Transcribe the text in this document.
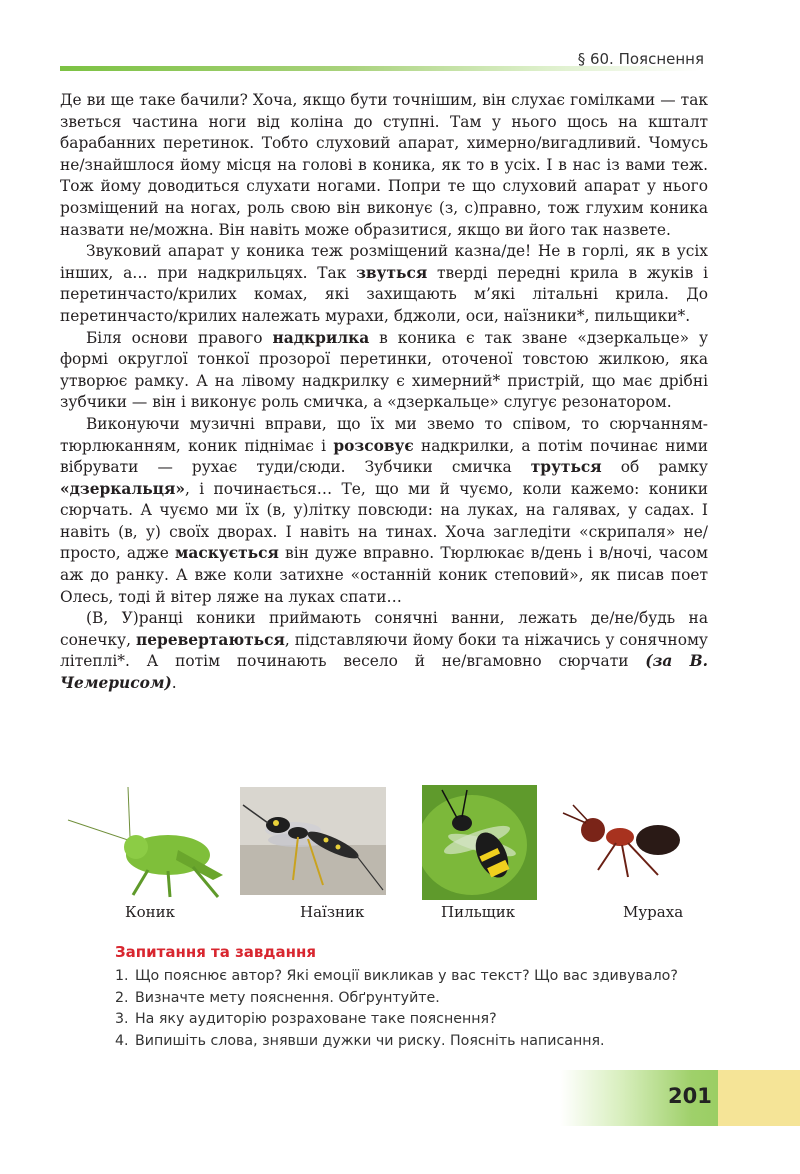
§ 60. Пояснення

Де ви ще таке бачили? Хоча, якщо бути точнішим, він слухає гомілками — так зветься частина ноги від коліна до ступні. Там у нього щось на кшталт барабанних перетинок. Тобто слуховий апарат, химерно/вигадливий. Чомусь не/знайшлося йому місця на голові в коника, як то в усіх. І в нас із вами теж. Тож йому доводиться слухати ногами. Попри те що слуховий апарат у нього розміщений на ногах, роль свою він виконує (з, с)правно, тож глухим коника назвати не/можна. Він навіть може образитися, якщо ви його так назвете.

Звуковий апарат у коника теж розміщений казна/де! Не в горлі, як в усіх інших, а… при надкрильцях. Так звуться тверді передні крила в жуків і перетинчасто/крилих комах, які захищають м’які літальні крила. До перетинчасто/крилих належать мурахи, бджоли, оси, наїзники*, пильщики*.

Біля основи правого надкрилка в коника є так зване «дзеркальце» у формі округлої тонкої прозорої перетинки, оточеної товстою жилкою, яка утворює рамку. А на лівому надкрилку є химерний* пристрій, що має дрібні зубчики — він і виконує роль смичка, а «дзеркальце» слугує резонатором.

Виконуючи музичні вправи, що їх ми звемо то співом, то сюрчанням-тюрлюканням, коник піднімає і розсовує надкрилки, а потім починає ними вібрувати — рухає туди/сюди. Зубчики смичка труться об рамку «дзеркальця», і починається… Те, що ми й чуємо, коли кажемо: коники сюрчать. А чуємо ми їх (в, у)літку повсюди: на луках, на галявах, у садах. І навіть (в, у) своїх дворах. І навіть на тинах. Хоча загледіти «скрипаля» не/просто, адже маскується він дуже вправно. Тюрлюкає в/день і в/ночі, часом аж до ранку. А вже коли затихне «останній коник степовий», як писав поет Олесь, тоді й вітер ляже на луках спати…

(В, У)ранці коники приймають сонячні ванни, лежать де/не/будь на сонечку, перевертаються, підставляючи йому боки та ніжачись у сонячному літеплі*. А потім починають весело й не/вгамовно сюрчати (за В. Чемерисом).

Коник	Наїзник	Пильщик	Мураха
Запитання та завдання
1. Що пояснює автор? Які емоції викликав у вас текст? Що вас здивувало?
2. Визначте мету пояснення. Обґрунтуйте.
3. На яку аудиторію розраховане таке пояснення?
4. Випишіть слова, знявши дужки чи риску. Поясніть написання.
201
